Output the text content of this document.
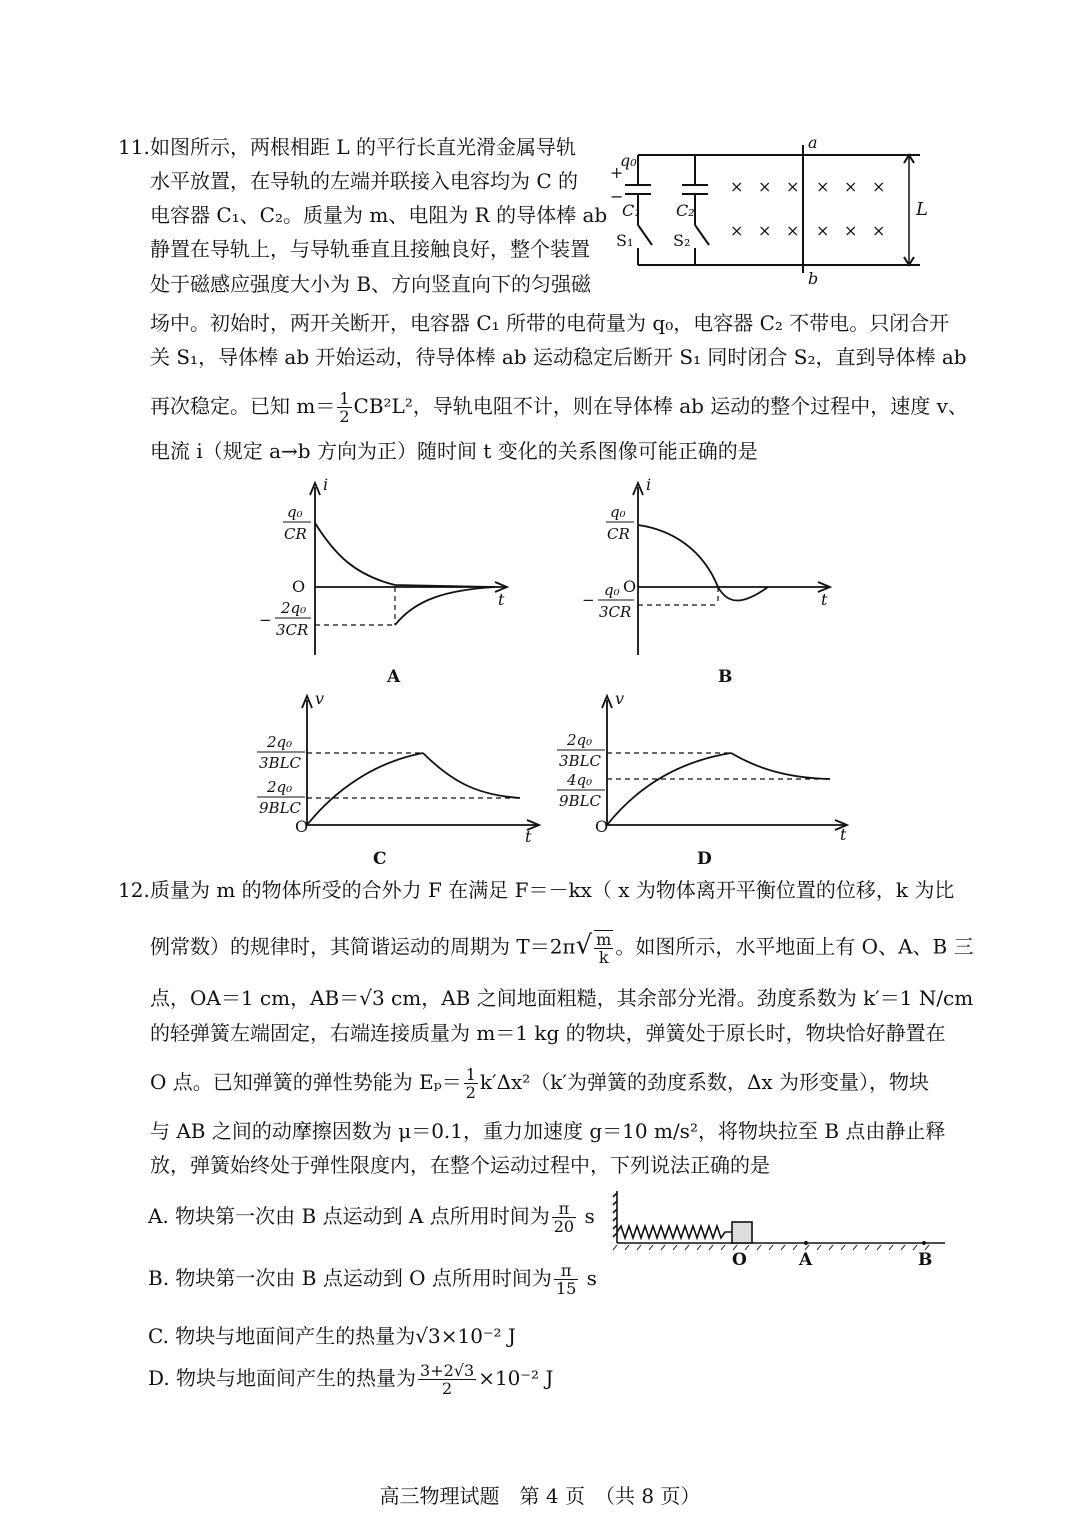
11. 如图所示，两根相距 L 的平行长直光滑金属导轨
水平放置，在导轨的左端并联接入电容均为 C 的
电容器 C₁、C₂。质量为 m、电阻为 R 的导体棒 ab
静置在导轨上，与导轨垂直且接触良好，整个装置
处于磁感应强度大小为 B、方向竖直向下的匀强磁
场中。初始时，两开关断开，电容器 C₁ 所带的电荷量为 q₀，电容器 C₂ 不带电。只闭合开
关 S₁，导体棒 ab 开始运动，待导体棒 ab 运动稳定后断开 S₁ 同时闭合 S₂，直到导体棒 ab
再次稳定。已知 $m= \frac{1}{2} CB^2L^2$，导轨电阻不计，则在导体棒 ab 运动的整个过程中，速度 v、
电流 i（规定 a→b 方向为正）随时间 t 变化的关系图像可能正确的是
a
b
L
q₀
+
−
C₁ C₂
S₁ S₂
× × × × × ×
× × × × × ×
i
t
O
q₀
CR
−
2q₀
3CR
A
i
t
O
q₀
CR
−
q₀
3CR
B
v
t
O
2q₀
3BLC
2q₀
9BLC
C
v
t
O
2q₀
3BLC
4q₀
9BLC
D
12. 质量为 m 的物体所受的合外力 F 在满足 F＝－kx（ x 为物体离开平衡位置的位移，k 为比
例常数）的规律时，其简谐运动的周期为 $T=2\pi√ \frac{m}{k}$ 。如图所示，水平地面上有 O、A、B 三
点，OA＝1 cm，AB＝√3 cm，AB 之间地面粗糙，其余部分光滑。劲度系数为 k′＝1 N/cm
的轻弹簧左端固定，右端连接质量为 m＝1 kg 的物块，弹簧处于原长时，物块恰好静置在
O 点。已知弹簧的弹性势能为 $E_p= \frac{1}{2} k'\Delta x^2(k'$为弹簧的劲度系数，Δx 为形变量），物块
与 AB 之间的动摩擦因数为 μ＝0.1，重力加速度 g＝10 m/s²，将物块拉至 B 点由静止释
放，弹簧始终处于弹性限度内，在整个运动过程中，下列说法正确的是
A. 物块第一次由 B 点运动到 A 点所用时间为 $\frac{\pi}{20}$ s
B. 物块第一次由 B 点运动到 O 点所用时间为 $\frac{\pi}{15}$ s
C. 物块与地面间产生的热量为√3×10⁻² J
D. 物块与地面间产生的热量为 $\frac{3+2√3}{2} \times 10^{-2}$ J
O	A	B
高三物理试题　第 4 页　（共 8 页）
